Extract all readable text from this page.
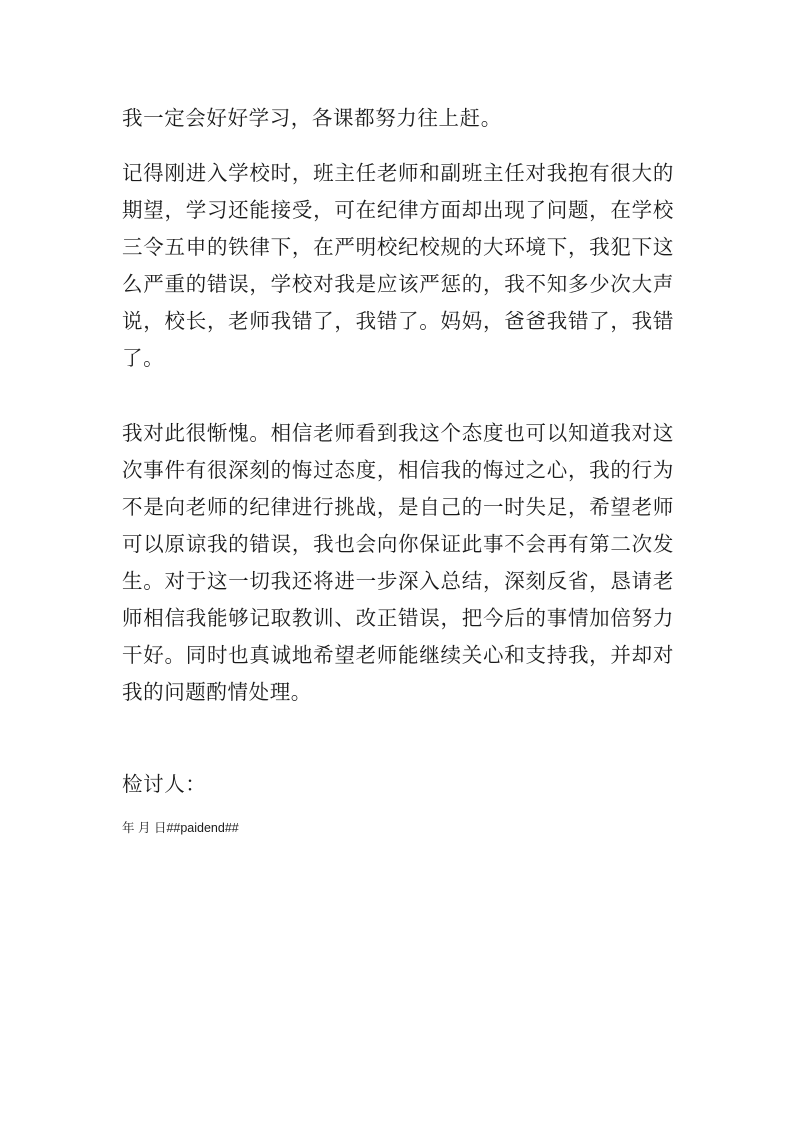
我一定会好好学习，各课都努力往上赶。

记得刚进入学校时，班主任老师和副班主任对我抱有很大的期望，学习还能接受，可在纪律方面却出现了问题，在学校三令五申的铁律下，在严明校纪校规的大环境下，我犯下这么严重的错误，学校对我是应该严惩的，我不知多少次大声说，校长，老师我错了，我错了。妈妈，爸爸我错了，我错了。

我对此很惭愧。相信老师看到我这个态度也可以知道我对这次事件有很深刻的悔过态度，相信我的悔过之心，我的行为不是向老师的纪律进行挑战，是自己的一时失足，希望老师可以原谅我的错误，我也会向你保证此事不会再有第二次发生。对于这一切我还将进一步深入总结，深刻反省，恳请老师相信我能够记取教训、改正错误，把今后的事情加倍努力干好。同时也真诚地希望老师能继续关心和支持我，并却对我的问题酌情处理。

检讨人：

年 月 日##paidend##
